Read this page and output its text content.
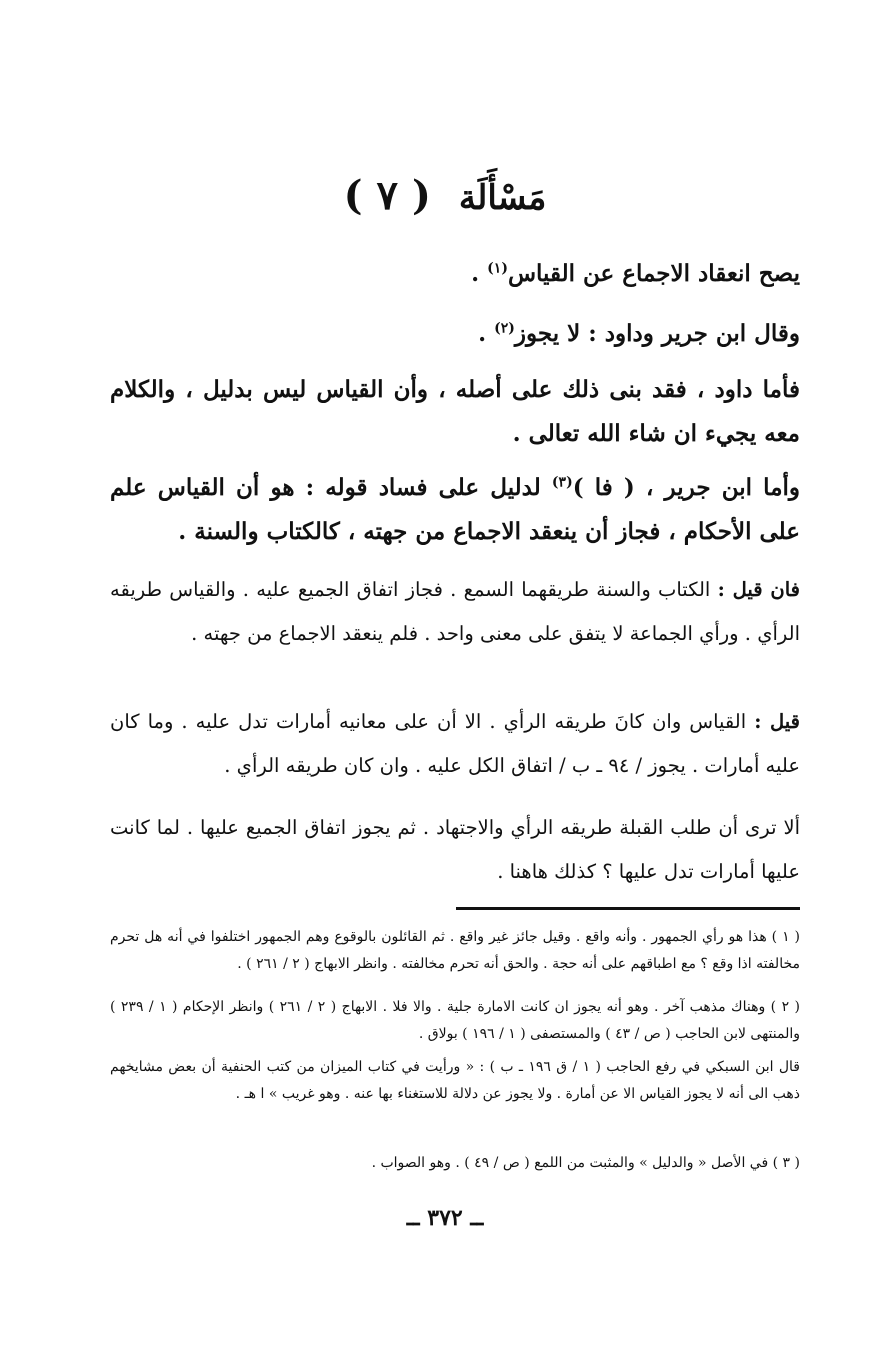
مَسْأَلَة ( ٧ )

يصح انعقاد الاجماع عن القياس$^{(١)}$ .

وقال ابن جرير وداود : لا يجوز$^{(٢)}$ .

فأما داود ، فقد بنى ذلك على أصله ، وأن القياس ليس بدليل ، والكلام معه يجيء ان شاء الله تعالى .

وأما ابن جرير ، ( فا )$^{(٣)}$ لدليل على فساد قوله : هو أن القياس علم على الأحكام ، فجاز أن ينعقد الاجماع من جهته ، كالكتاب والسنة .

فان قيل : الكتاب والسنة طريقهما السمع . فجاز اتفاق الجميع عليه . والقياس طريقه الرأي . ورأي الجماعة لا يتفق على معنى واحد . فلم ينعقد الاجماع من جهته .

قيل : القياس وان كانَ طريقه الرأي . الا أن على معانيه أمارات تدل عليه . وما كان عليه أمارات . يجوز / ٩٤ ـ ب / اتفاق الكل عليه . وان كان طريقه الرأي .

ألا ترى أن طلب القبلة طريقه الرأي والاجتهاد . ثم يجوز اتفاق الجميع عليها . لما كانت عليها أمارات تدل عليها ؟ كذلك هاهنا .

( ١ ) هذا هو رأي الجمهور . وأنه واقع . وقيل جائز غير واقع . ثم القائلون بالوقوع وهم الجمهور اختلفوا في أنه هل تحرم مخالفته اذا وقع ؟ مع اطباقهم على أنه حجة . والحق أنه تحرم مخالفته . وانظر الابهاج ( ٢ / ٢٦١ ) .

( ٢ ) وهناك مذهب آخر . وهو أنه يجوز ان كانت الامارة جلية . والا فلا . الابهاج ( ٢ / ٢٦١ ) وانظر الإحكام ( ١ / ٢٣٩ ) والمنتهى لابن الحاجب ( ص / ٤٣ ) والمستصفى ( ١ / ١٩٦ ) بولاق .

قال ابن السبكي في رفع الحاجب ( ١ / ق ١٩٦ ـ ب ) : « ورأيت في كتاب الميزان من كتب الحنفية أن بعض مشايخهم ذهب الى أنه لا يجوز القياس الا عن أمارة . ولا يجوز عن دلالة للاستغناء بها عنه . وهو غريب » ا هـ .

( ٣ ) في الأصل « والدليل » والمثبت من اللمع ( ص / ٤٩ ) . وهو الصواب .

ــ ٣٧٢ ــ
